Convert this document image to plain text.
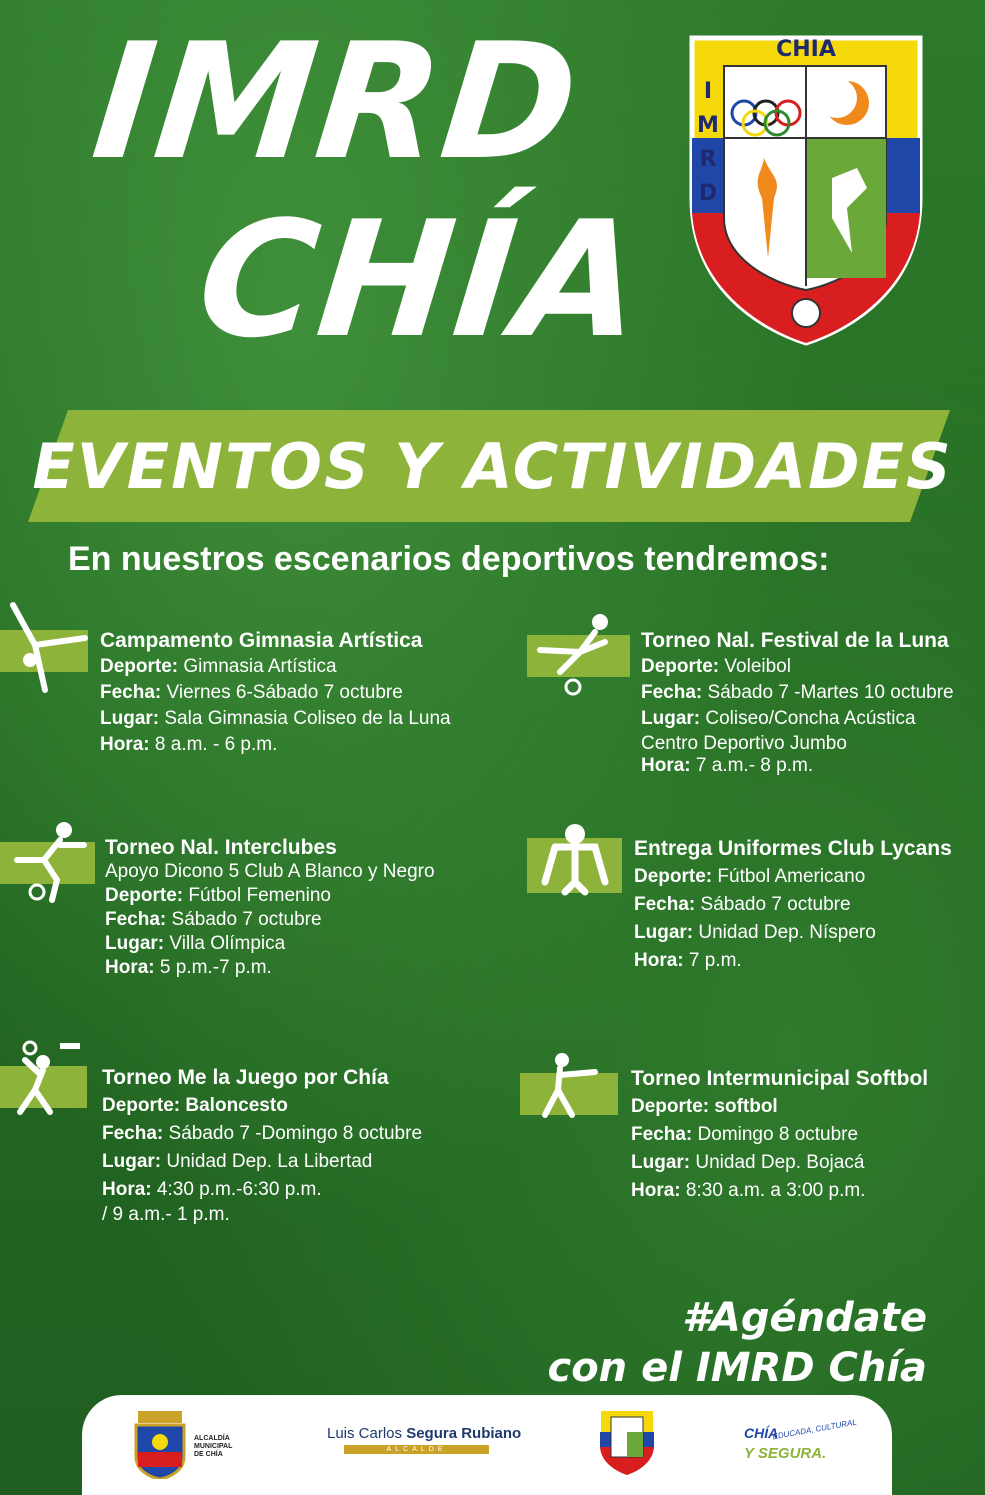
IMRD
CHÍA
CHIA
I
M
R
D
EVENTOS Y ACTIVIDADES
En nuestros escenarios deportivos tendremos:
Campamento Gimnasia Artística
Deporte: Gimnasia Artística
Fecha: Viernes 6-Sábado 7 octubre
Lugar: Sala Gimnasia Coliseo de la Luna
Hora: 8 a.m. - 6 p.m.
Torneo Nal. Festival de la Luna
Deporte: Voleibol
Fecha: Sábado 7 -Martes 10 octubre
Lugar: Coliseo/Concha Acústica
Centro Deportivo Jumbo
Hora: 7 a.m.- 8 p.m.
Torneo Nal. Interclubes
Apoyo Dicono 5 Club A Blanco y Negro
Deporte: Fútbol Femenino
Fecha: Sábado 7 octubre
Lugar: Villa Olímpica
Hora: 5 p.m.-7 p.m.
Entrega Uniformes Club Lycans
Deporte: Fútbol Americano
Fecha: Sábado 7 octubre
Lugar: Unidad Dep. Níspero
Hora: 7 p.m.
Torneo Me la Juego por Chía
Deporte: Baloncesto
Fecha: Sábado 7 -Domingo 8 octubre
Lugar: Unidad Dep. La Libertad
Hora: 4:30 p.m.-6:30 p.m.
/ 9 a.m.- 1 p.m.
Torneo Intermunicipal Softbol
Deporte: softbol
Fecha: Domingo 8 octubre
Lugar: Unidad Dep. Bojacá
Hora: 8:30 a.m. a 3:00 p.m.
#Agéndate
con el IMRD Chía
ALCALDÍA
MUNICIPAL
DE CHÍA
Luis Carlos Segura Rubiano
ALCALDE
CHÍA
EDUCADA, CULTURAL
Y SEGURA.
